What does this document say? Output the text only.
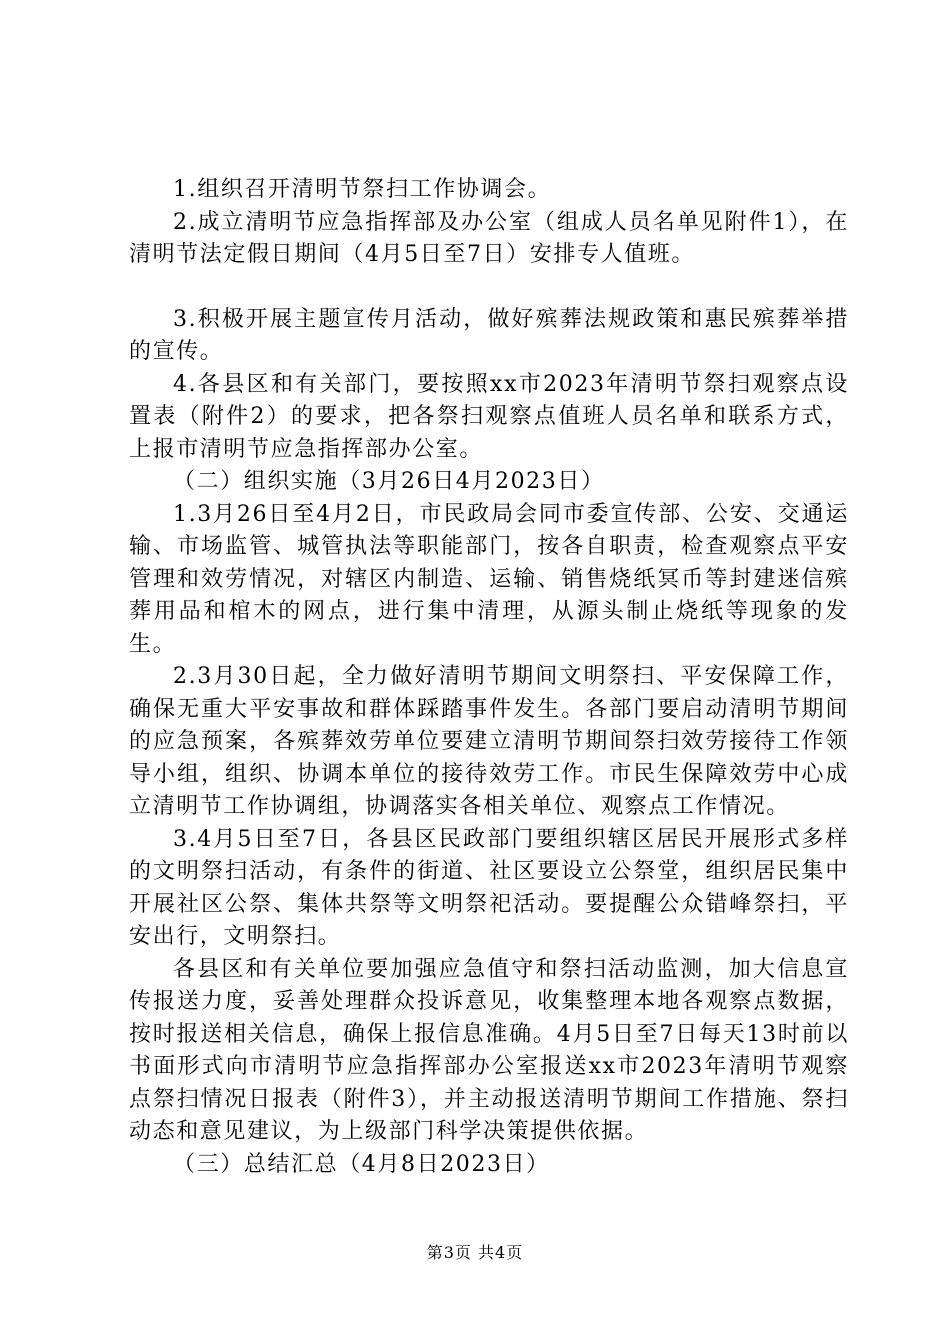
1.组织召开清明节祭扫工作协调会。

2.成立清明节应急指挥部及办公室（组成人员名单见附件1），在清明节法定假日期间（4月5日至7日）安排专人值班。

3.积极开展主题宣传月活动，做好殡葬法规政策和惠民殡葬举措的宣传。

4.各县区和有关部门，要按照xx市2023年清明节祭扫观察点设置表（附件2）的要求，把各祭扫观察点值班人员名单和联系方式，上报市清明节应急指挥部办公室。

（二）组织实施（3月26日4月2023日）

1.3月26日至4月2日，市民政局会同市委宣传部、公安、交通运输、市场监管、城管执法等职能部门，按各自职责，检查观察点平安管理和效劳情况，对辖区内制造、运输、销售烧纸冥币等封建迷信殡葬用品和棺木的网点，进行集中清理，从源头制止烧纸等现象的发生。

2.3月30日起，全力做好清明节期间文明祭扫、平安保障工作，确保无重大平安事故和群体踩踏事件发生。各部门要启动清明节期间的应急预案，各殡葬效劳单位要建立清明节期间祭扫效劳接待工作领导小组，组织、协调本单位的接待效劳工作。市民生保障效劳中心成立清明节工作协调组，协调落实各相关单位、观察点工作情况。

3.4月5日至7日，各县区民政部门要组织辖区居民开展形式多样的文明祭扫活动，有条件的街道、社区要设立公祭堂，组织居民集中开展社区公祭、集体共祭等文明祭祀活动。要提醒公众错峰祭扫，平安出行，文明祭扫。

各县区和有关单位要加强应急值守和祭扫活动监测，加大信息宣传报送力度，妥善处理群众投诉意见，收集整理本地各观察点数据，按时报送相关信息，确保上报信息准确。4月5日至7日每天13时前以书面形式向市清明节应急指挥部办公室报送xx市2023年清明节观察点祭扫情况日报表（附件3），并主动报送清明节期间工作措施、祭扫动态和意见建议，为上级部门科学决策提供依据。

（三）总结汇总（4月8日2023日）

第3页 共4页
